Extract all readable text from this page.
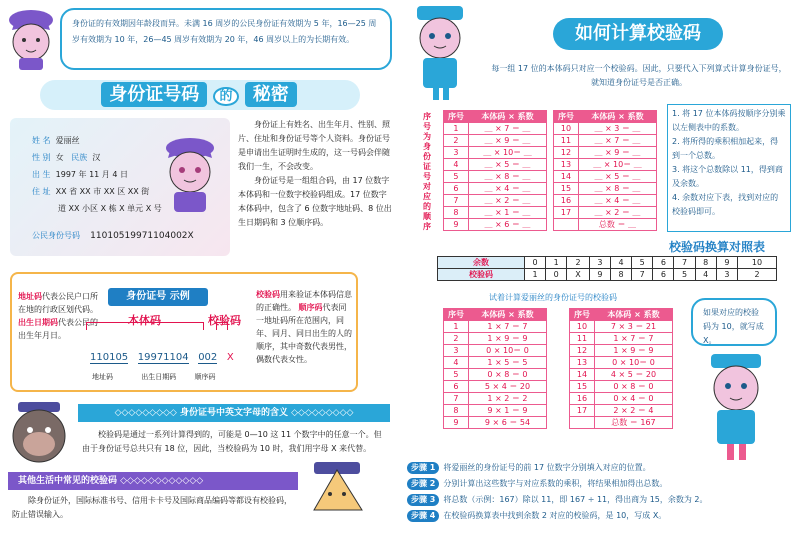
身份证的有效期因年龄段而异。未满 16 周岁的公民身份证有效期为 5 年，16—25 周岁有效期为 10 年，26—45 周岁有效期为 20 年，46 周岁以上的为长期有效。
身份证号码 的 秘密
姓 名 爱丽丝
性 别 女 民族 汉
出 生 1997 年 11 月 4 日
住 址 XX 省 XX 市 XX 区 XX 街
道 XX 小区 X 栋 X 单元 X 号
公民身份号码 11010519971104002X

身份证上有姓名、出生年月、性别、照片、住址和身份证号等个人资料。身份证号是申请出生证明时生成的，这一号码会伴随我们一生，不会改变。

身份证号是一组组合码，由 17 位数字本体码和一位数字校验码组成。17 位数字本体码中，包含了 6 位数字地址码、8 位出生日期码和 3 位顺序码。

身份证号 示例
地址码代表公民户口所在地的行政区划代码。
出生日期码代表公民的出生年月日。
本体码	校验码
110105 19971104 002 X
地址码	出生日期码	顺序码
校验码用来验证本体码信息的正确性。 顺序码代表同一地址码所在范围内，同年、同月、同日出生的人的顺序，其中奇数代表男性，偶数代表女性。
◇◇◇◇◇◇◇◇◇ 身份证号中英文字母的含义 ◇◇◇◇◇◇◇◇◇
校验码是通过一系列计算得到的，可能是 0—10 这 11 个数字中的任意一个。但由于身份证号总共只有 18 位，因此，当校验码为 10 时，我们用字母 X 来代替。
其他生活中常见的校验码 ◇◇◇◇◇◇◇◇◇◇◇◇
除身份证外，国际标准书号、信用卡卡号及国际商品编码等都设有校验码，防止错误输入。
如何计算校验码
每一组 17 位的本体码只对应一个校验码。因此，只要代入下列算式计算身份证号，就知道身份证号是否正确。
序号为身份证号对应的顺序
序号	本体码 × 系数
1	＿ × 7 ＝ ＿
2	＿ × 9 ＝ ＿
3	＿ × 10＝ ＿
4	＿ × 5 ＝ ＿
5	＿ × 8 ＝ ＿
6	＿ × 4 ＝ ＿
7	＿ × 2 ＝ ＿
8	＿ × 1 ＝ ＿
9	＿ × 6 ＝ ＿
序号	本体码 × 系数
10	＿ × 3 ＝ ＿
11	＿ × 7 ＝ ＿
12	＿ × 9 ＝ ＿
13	＿ × 10＝ ＿
14	＿ × 5 ＝ ＿
15	＿ × 8 ＝ ＿
16	＿ × 4 ＝ ＿
17	＿ × 2 ＝ ＿
	总数 ＝ ＿
1. 将 17 位本体码按顺序分别乘以左侧表中的系数。
2. 将所得的乘积相加起来，得到一个总数。
3. 将这个总数除以 11，得到商及余数。
4. 余数对应下表，找到对应的校验码即可。
校验码换算对照表
余数	0	1	2	3	4	5	6	7	8	9	10
校验码	1	0	X	9	8	7	6	5	4	3	2
试着计算爱丽丝的身份证号的校验码
序号	本体码 × 系数
1	1 × 7 ＝ 7
2	1 × 9 ＝ 9
3	0 × 10＝ 0
4	1 × 5 ＝ 5
5	0 × 8 ＝ 0
6	5 × 4 ＝ 20
7	1 × 2 ＝ 2
8	9 × 1 ＝ 9
9	9 × 6 ＝ 54
序号	本体码 × 系数
10	7 × 3 ＝ 21
11	1 × 7 ＝ 7
12	1 × 9 ＝ 9
13	0 × 10＝ 0
14	4 × 5 ＝ 20
15	0 × 8 ＝ 0
16	0 × 4 ＝ 0
17	2 × 2 ＝ 4
	总数 ＝ 167
如果对应的校验码为 10，就写成 X。
步骤 1 将爱丽丝的身份证号的前 17 位数字分别填入对应的位置。
步骤 2 分别计算出这些数字与对应系数的乘积，将结果相加得出总数。
步骤 3 将总数（示例：167）除以 11，即 167 ÷ 11，得出商为 15，余数为 2。
步骤 4 在校验码换算表中找到余数 2 对应的校验码，是 10，写成 X。
